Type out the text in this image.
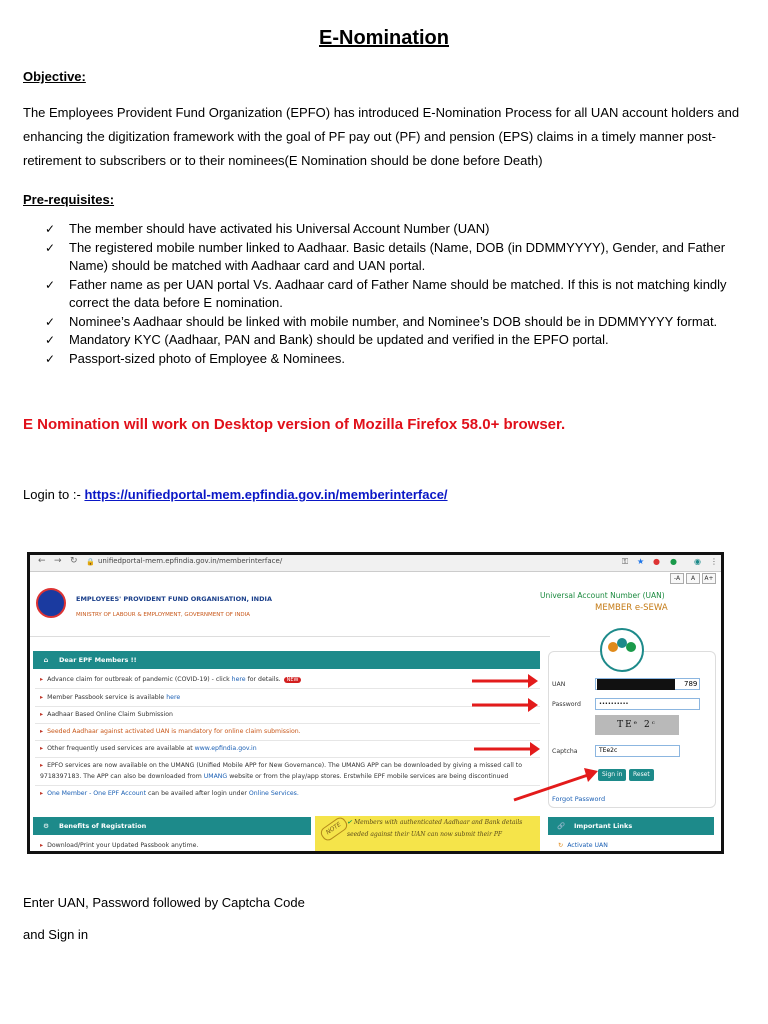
E-Nomination
Objective:
The Employees Provident Fund Organization (EPFO) has introduced E-Nomination Process for all UAN account holders and enhancing the digitization framework with the goal of PF pay out (PF) and pension (EPS) claims in a timely manner post-retirement to subscribers or to their nominees(E Nomination should be done before Death)
Pre-requisites:
✓ The member should have activated his Universal Account Number (UAN)
✓ The registered mobile number linked to Aadhaar. Basic details (Name, DOB (in DDMMYYYY), Gender, and Father Name) should be matched with Aadhaar card and UAN portal.
✓ Father name as per UAN portal Vs. Aadhaar card of Father Name should be matched. If this is not matching kindly correct the data before E nomination.
✓ Nominee’s Aadhaar should be linked with mobile number, and Nominee’s DOB should be in DDMMYYYY format.
✓ Mandatory KYC (Aadhaar, PAN and Bank) should be updated and verified in the EPFO portal.
✓ Passport-sized photo of Employee & Nominees.
E Nomination will work on Desktop version of Mozilla Firefox 58.0+ browser.
Login to :- https://unifiedportal-mem.epfindia.gov.in/memberinterface/
← → ↻ 🔒 unifiedportal-mem.epfindia.gov.in/memberinterface/	⚿ ★ ● ● ◉ ⋮
-A	A	A+
EMPLOYEES' PROVIDENT FUND ORGANISATION, INDIA
MINISTRY OF LABOUR & EMPLOYMENT, GOVERNMENT OF INDIA
Universal Account Number (UAN)
MEMBER e-SEWA
⌂ Dear EPF Members !!
▸ Advance claim for outbreak of pandemic (COVID-19) - click here for details. NEW
▸ Member Passbook service is available here
▸ Aadhaar Based Online Claim Submission
▸ Seeded Aadhaar against activated UAN is mandatory for online claim submission.
▸ Other frequently used services are available at www.epfindia.gov.in
▸ EPFO services are now available on the UMANG (Unified Mobile APP for New Governance). The UMANG APP can be downloaded by giving a missed call to
9718397183. The APP can also be downloaded from UMANG website or from the play/app stores. Erstwhile EPF mobile services are being discontinued
▸ One Member - One EPF Account can be availed after login under Online Services.
UAN	789
Password	••••••••••
TEᵉ 2ᶜ
Captcha	TEe2c
Sign in	Reset
Forgot Password
⚙ Benefits of Registration
▸ Download/Print your Updated Passbook anytime.
✔ Members with authenticated Aadhaar and Bank details seeded against their UAN can now submit their PF
NOTE	🔗 Important Links
↻ Activate UAN
Enter UAN, Password followed by Captcha Code
and Sign in
